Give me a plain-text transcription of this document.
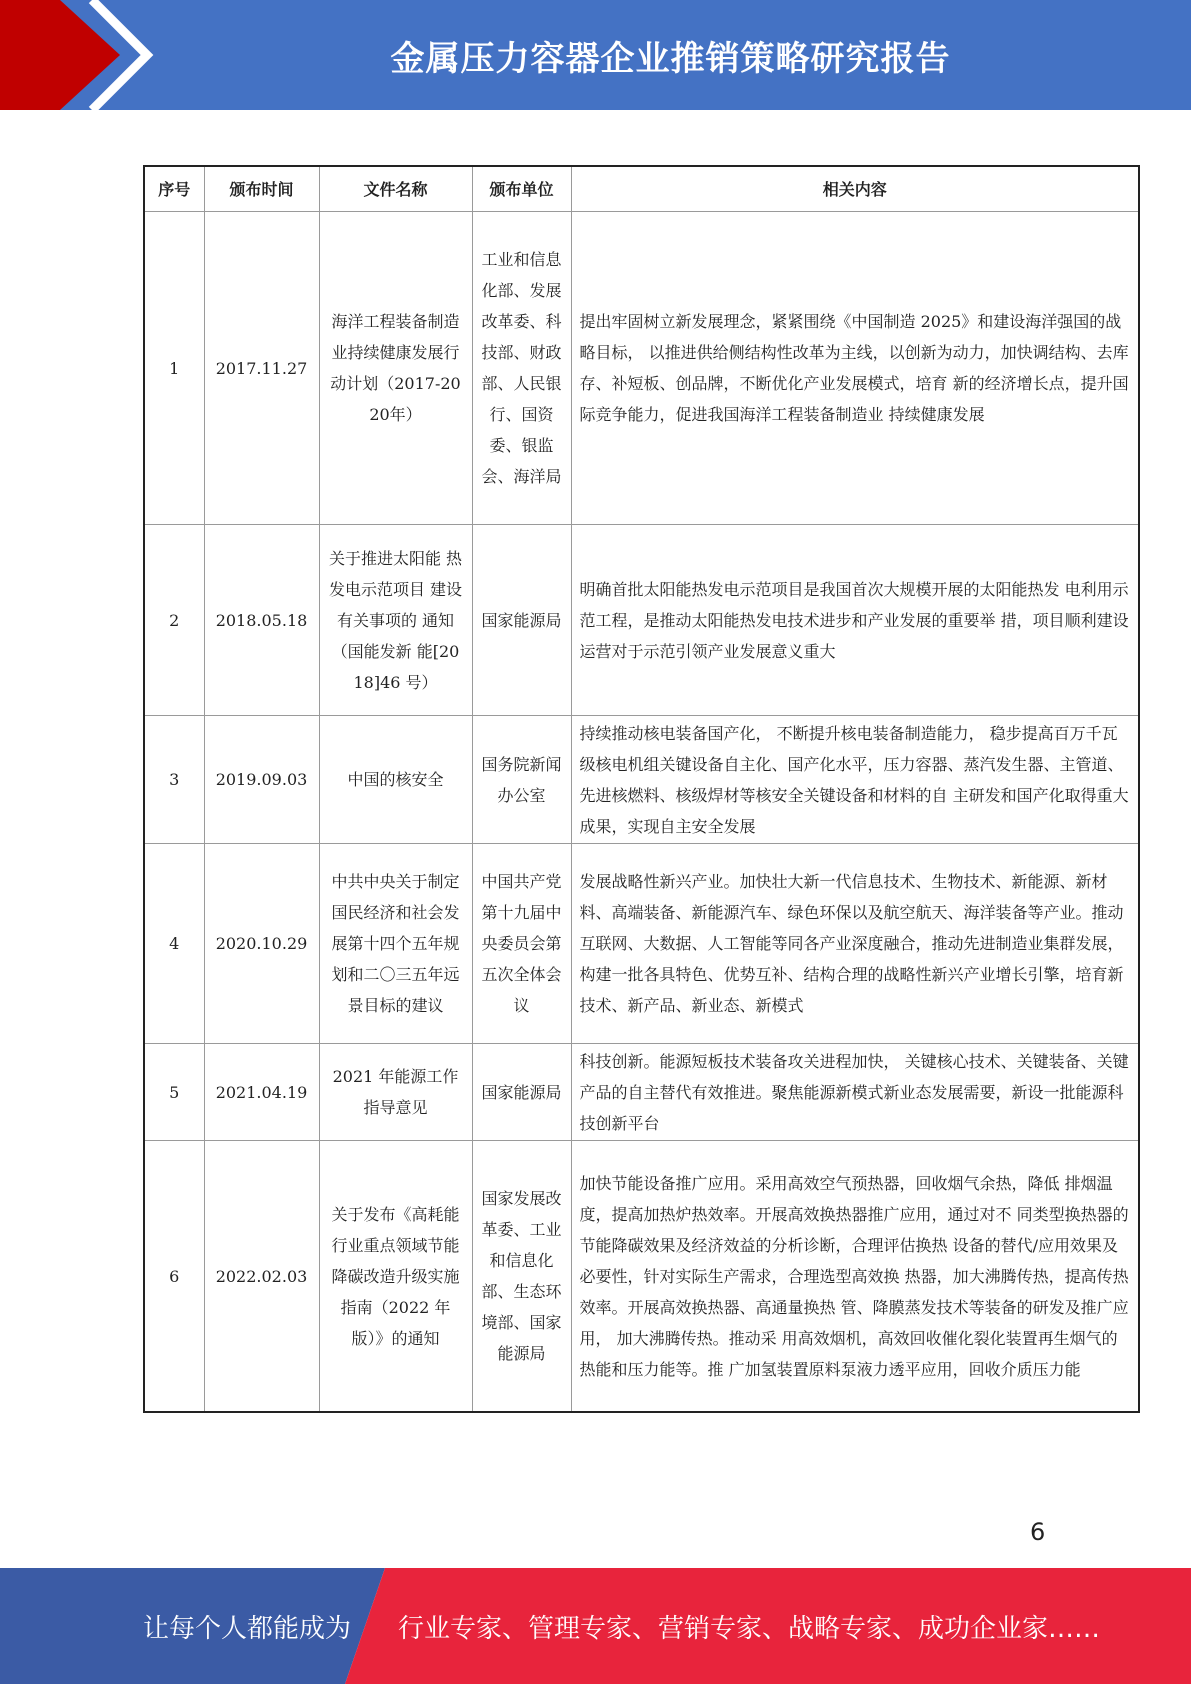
金属压力容器企业推销策略研究报告
序号	颁布时间	文件名称	颁布单位	相关内容
1	2017.11.27	海洋工程装备制造业持续健康发展行动计划（2017-2020年）	工业和信息化部、发展改革委、科技部、财政部、人民银行、国资委、银监会、海洋局	提出牢固树立新发展理念，紧紧围绕《中国制造 2025》和建设海洋强国的战略目标， 以推进供给侧结构性改革为主线，以创新为动力，加快调结构、去库存、补短板、创品牌，不断优化产业发展模式，培育 新的经济增长点，提升国际竞争能力，促进我国海洋工程装备制造业 持续健康发展
2	2018.05.18	关于推进太阳能 热发电示范项目 建设有关事项的 通知（国能发新 能[2018]46 号）	国家能源局	明确首批太阳能热发电示范项目是我国首次大规模开展的太阳能热发 电利用示范工程，是推动太阳能热发电技术进步和产业发展的重要举 措，项目顺利建设运营对于示范引领产业发展意义重大
3	2019.09.03	中国的核安全	国务院新闻办公室	持续推动核电装备国产化， 不断提升核电装备制造能力， 稳步提高百万千瓦级核电机组关键设备自主化、国产化水平，压力容器、蒸汽发生器、主管道、先进核燃料、核级焊材等核安全关键设备和材料的自 主研发和国产化取得重大成果，实现自主安全发展
4	2020.10.29	中共中央关于制定国民经济和社会发展第十四个五年规划和二〇三五年远景目标的建议	中国共产党第十九届中央委员会第五次全体会议	发展战略性新兴产业。加快壮大新一代信息技术、生物技术、新能源、新材料、高端装备、新能源汽车、绿色环保以及航空航天、海洋装备等产业。推动互联网、大数据、人工智能等同各产业深度融合，推动先进制造业集群发展，构建一批各具特色、优势互补、结构合理的战略性新兴产业增长引擎，培育新技术、新产品、新业态、新模式
5	2021.04.19	2021 年能源工作 指导意见	国家能源局	科技创新。能源短板技术装备攻关进程加快， 关键核心技术、关键装备、关键产品的自主替代有效推进。聚焦能源新模式新业态发展需要，新设一批能源科技创新平台
6	2022.02.03	关于发布《高耗能行业重点领域节能降碳改造升级实施指南（2022 年版）》的通知	国家发展改革委、工业和信息化部、生态环境部、国家能源局	加快节能设备推广应用。采用高效空气预热器，回收烟气余热，降低 排烟温度，提高加热炉热效率。开展高效换热器推广应用，通过对不 同类型换热器的节能降碳效果及经济效益的分析诊断，合理评估换热 设备的替代/应用效果及必要性，针对实际生产需求，合理选型高效换 热器，加大沸腾传热，提高传热效率。开展高效换热器、高通量换热 管、降膜蒸发技术等装备的研发及推广应用， 加大沸腾传热。推动采 用高效烟机，高效回收催化裂化装置再生烟气的热能和压力能等。推 广加氢装置原料泵液力透平应用，回收介质压力能
6
让每个人都能成为 行业专家、管理专家、营销专家、战略专家、成功企业家……
